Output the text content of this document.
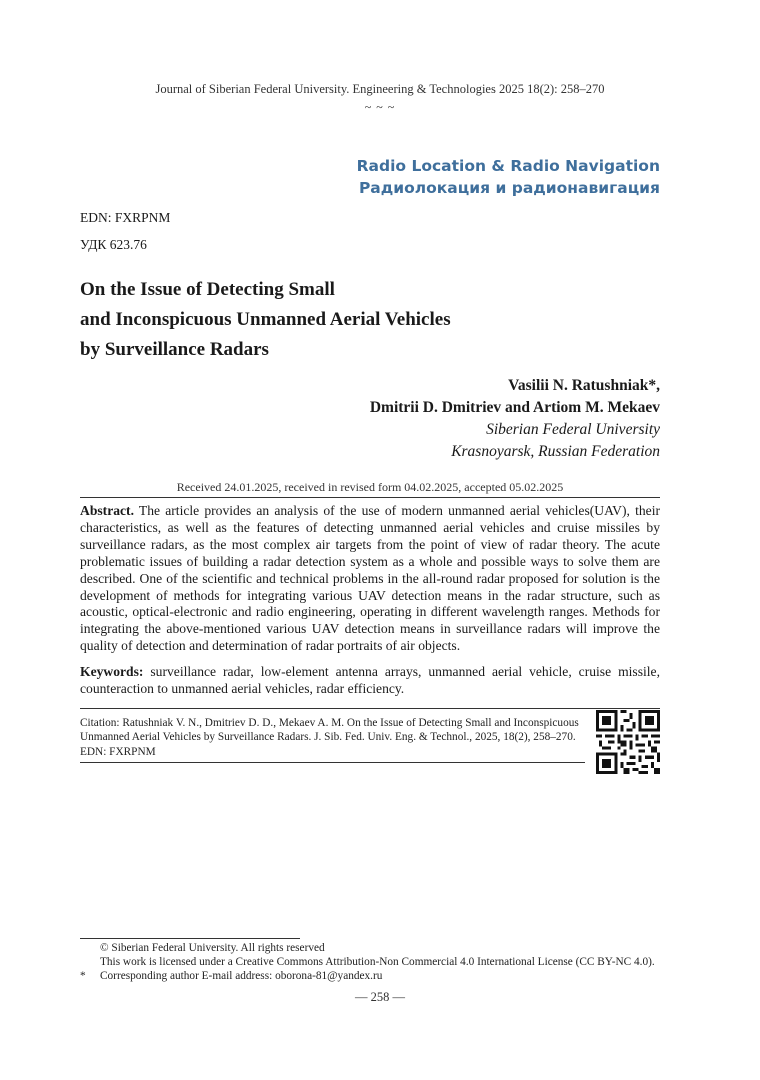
Journal of Siberian Federal University. Engineering & Technologies 2025 18(2): 258–270
~ ~ ~
Radio Location & Radio Navigation
Радиолокация и радионавигация
EDN: FXRPNM
УДК 623.76
On the Issue of Detecting Small
and Inconspicuous Unmanned Aerial Vehicles
by Surveillance Radars
Vasilii N. Ratushniak*,
Dmitrii D. Dmitriev and Artiom M. Mekaev
Siberian Federal University
Krasnoyarsk, Russian Federation
Received 24.01.2025, received in revised form 04.02.2025, accepted 05.02.2025
Abstract. The article provides an analysis of the use of modern unmanned aerial vehicles(UAV), their characteristics, as well as the features of detecting unmanned aerial vehicles and cruise missiles by surveillance radars, as the most complex air targets from the point of view of radar theory. The acute problematic issues of building a radar detection system as a whole and possible ways to solve them are described. One of the scientific and technical problems in the all-round radar proposed for solution is the development of methods for integrating various UAV detection means in the radar structure, such as acoustic, optical-electronic and radio engineering, operating in different wavelength ranges. Methods for integrating the above-mentioned various UAV detection means in surveillance radars will improve the quality of detection and determination of radar portraits of air objects.
Keywords: surveillance radar, low-element antenna arrays, unmanned aerial vehicle, cruise missile, counteraction to unmanned aerial vehicles, radar efficiency.
Citation: Ratushniak V. N., Dmitriev D. D., Mekaev A. M. On the Issue of Detecting Small and Inconspicuous
Unmanned Aerial Vehicles by Surveillance Radars. J. Sib. Fed. Univ. Eng. & Technol., 2025, 18(2), 258–270.
EDN: FXRPNM
© Siberian Federal University. All rights reserved
This work is licensed under a Creative Commons Attribution-Non Commercial 4.0 International License (CC BY-NC 4.0).
* Corresponding author E-mail address: oborona-81@yandex.ru
— 258 —
